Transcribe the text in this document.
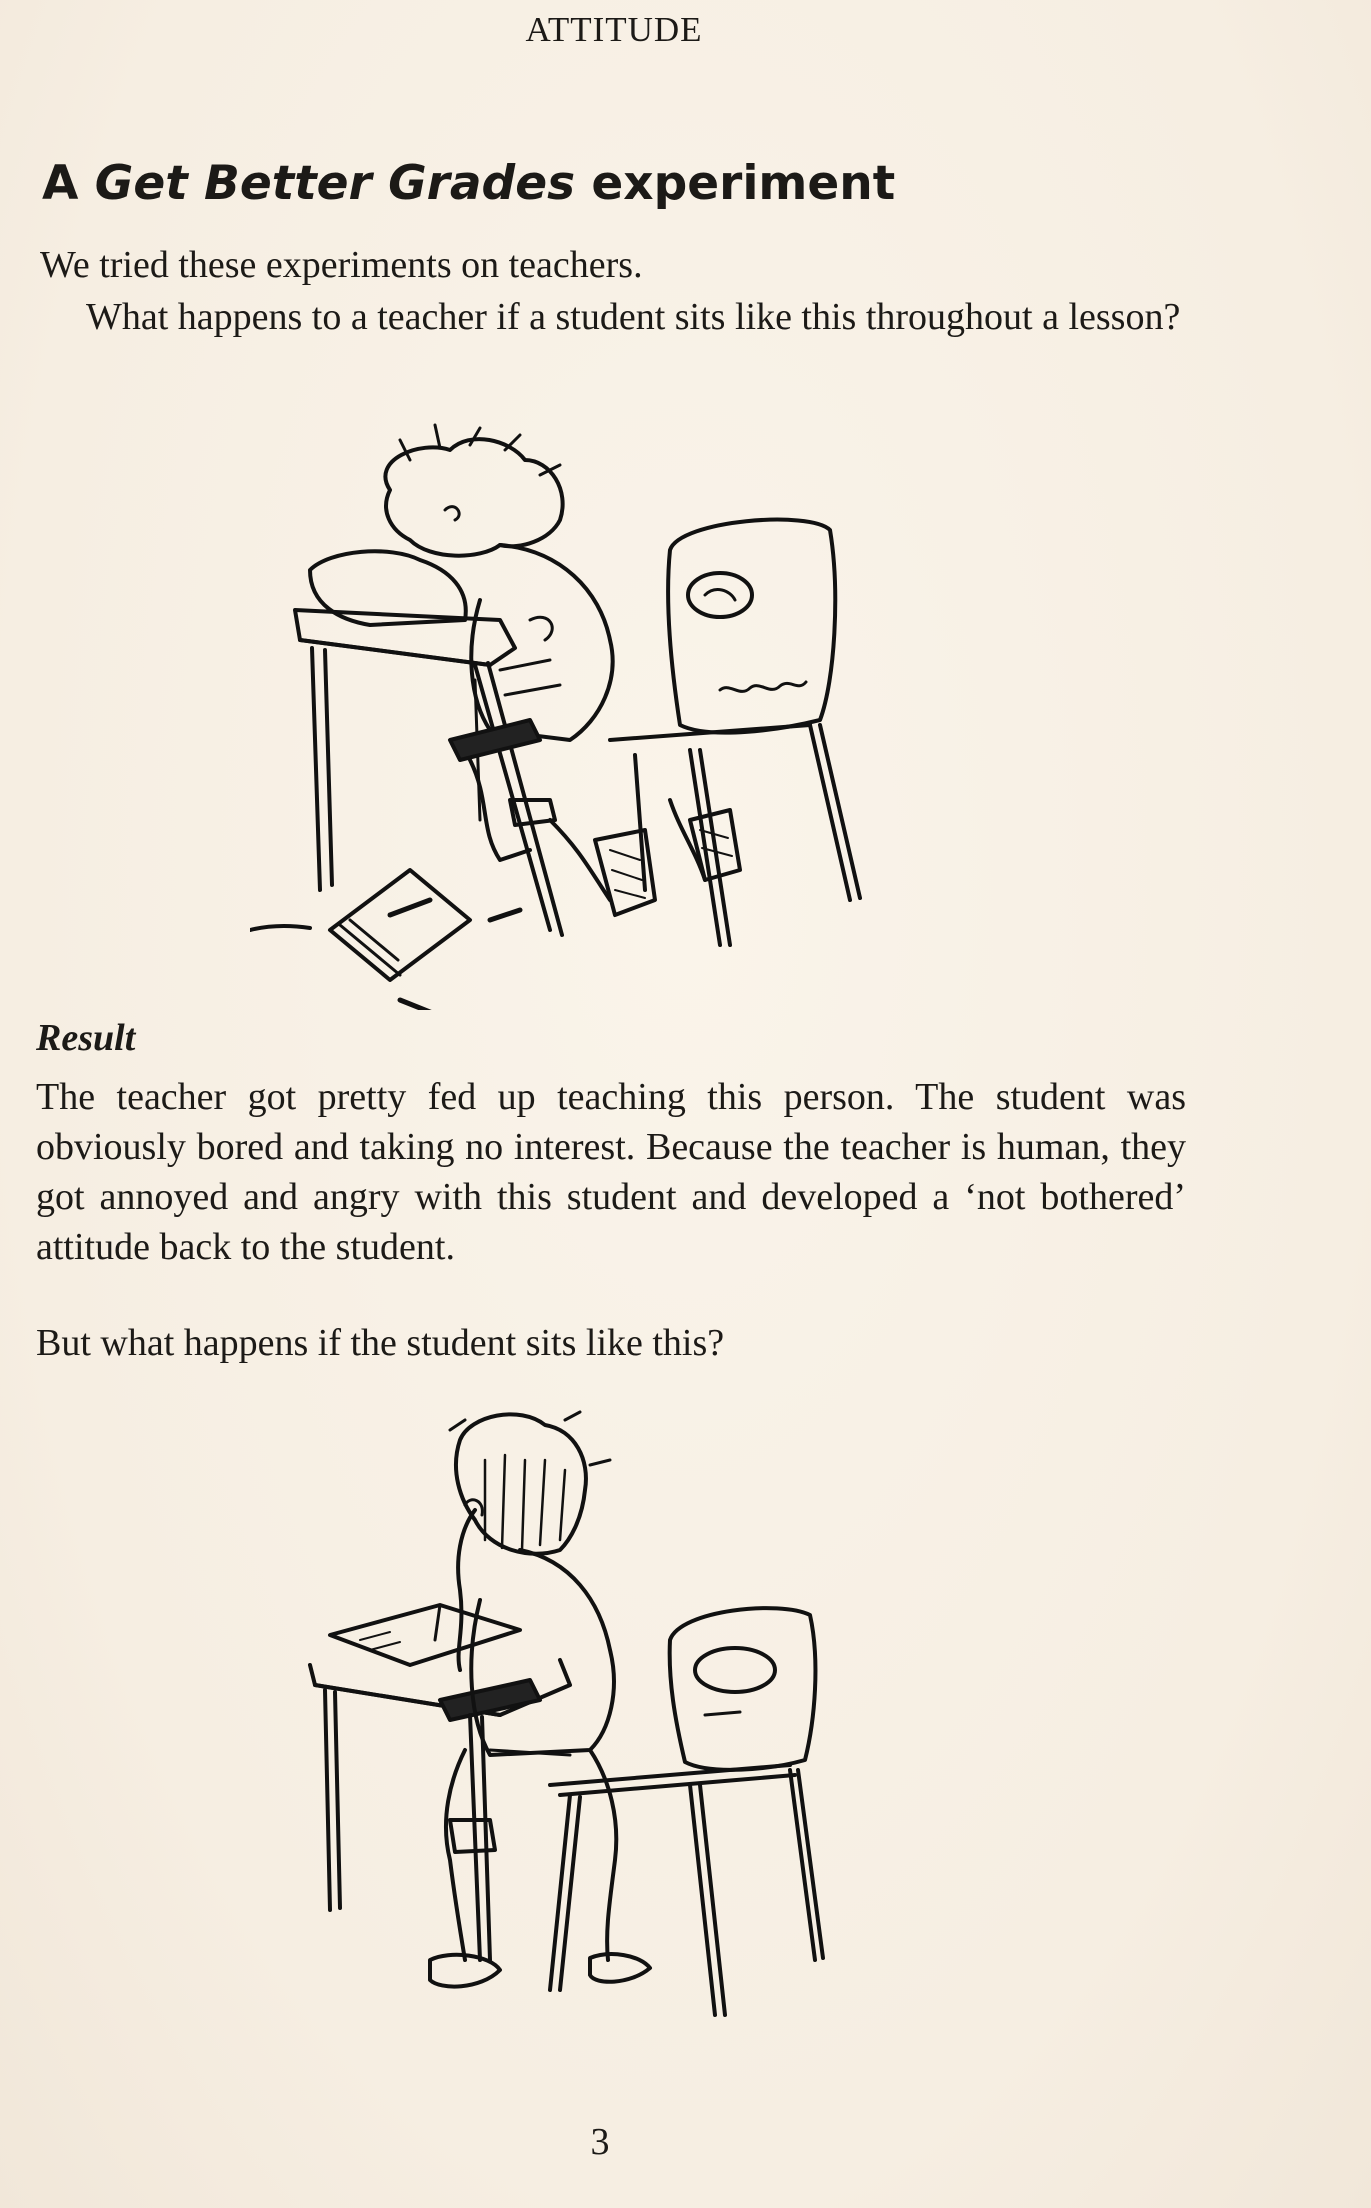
ATTITUDE
A Get Better Grades experiment

We tried these experiments on teachers.

What happens to a teacher if a student sits like this throughout a lesson?

Result

The teacher got pretty fed up teaching this person. The student was obviously bored and taking no interest. Because the teacher is human, they got annoyed and angry with this student and developed a ‘not bothered’ attitude back to the student.

But what happens if the student sits like this?

3
